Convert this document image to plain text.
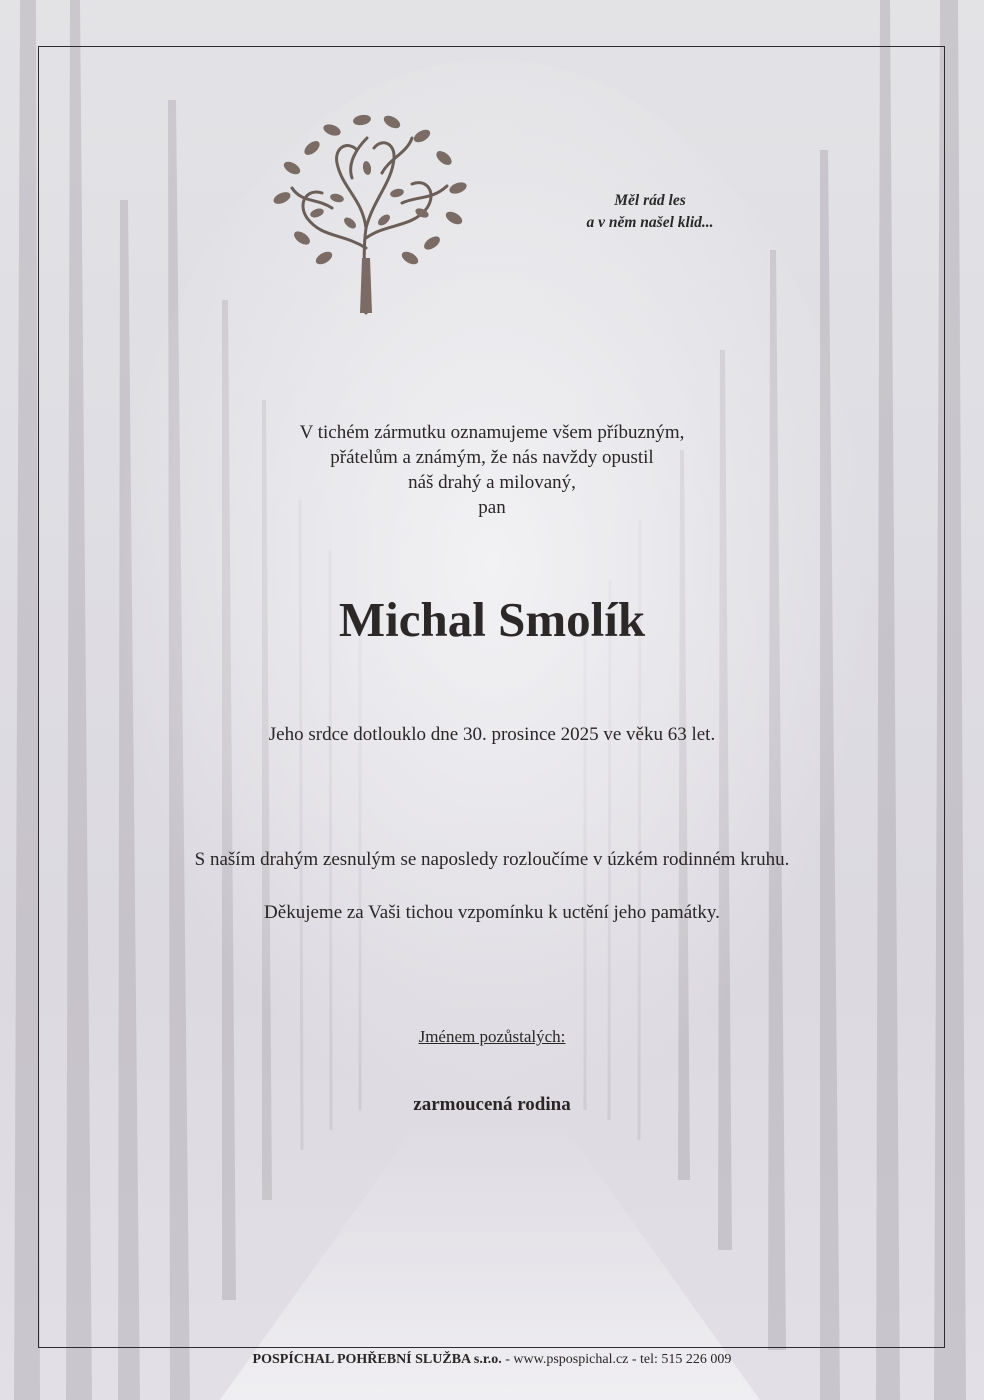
Měl rád les
a v něm našel klid...
V tichém zármutku oznamujeme všem příbuzným,
přátelům a známým, že nás navždy opustil
náš drahý a milovaný,
pan
Michal Smolík
Jeho srdce dotlouklo dne 30. prosince 2025 ve věku 63 let.
S naším drahým zesnulým se naposledy rozloučíme v úzkém rodinném kruhu.
Děkujeme za Vaši tichou vzpomínku k uctění jeho památky.
Jménem pozůstalých:
zarmoucená rodina
POSPÍCHAL POHŘEBNÍ SLUŽBA s.r.o. - www.pspospichal.cz - tel: 515 226 009
